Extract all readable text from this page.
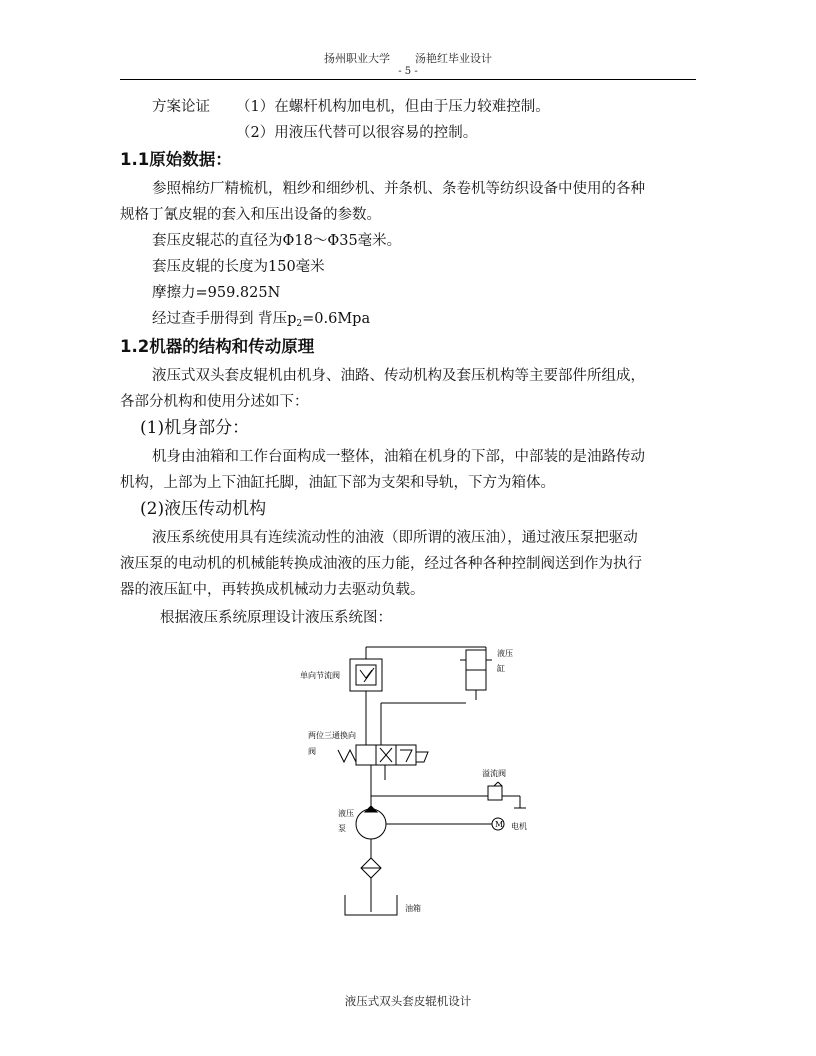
扬州职业大学 汤艳红毕业设计
- 5 -
方案论证 （1）在螺杆机构加电机，但由于压力较难控制。
（2）用液压代替可以很容易的控制。
1.1原始数据：
参照棉纺厂精梳机，粗纱和细纱机、并条机、条卷机等纺织设备中使用的各种
规格丁氰皮辊的套入和压出设备的参数。
套压皮辊芯的直径为Φ18～Φ35毫米。
套压皮辊的长度为150毫米
摩擦力=959.825N
经过查手册得到 背压$p_2=0.6Mpa$
1.2机器的结构和传动原理
液压式双头套皮辊机由机身、油路、传动机构及套压机构等主要部件所组成，
各部分机构和使用分述如下：
(1)机身部分：
机身由油箱和工作台面构成一整体，油箱在机身的下部，中部装的是油路传动
机构，上部为上下油缸托脚，油缸下部为支架和导轨，下方为箱体。
(2)液压传动机构
液压系统使用具有连续流动性的油液（即所谓的液压油），通过液压泵把驱动
液压泵的电动机的机械能转换成油液的压力能，经过各种各种控制阀送到作为执行
器的液压缸中，再转换成机械动力去驱动负载。
根据液压系统原理设计液压系统图：
M
单向节流阀
液压
缸
两位三通换向
阀
溢流阀
液压
泵	电机
油箱
液压式双头套皮辊机设计
